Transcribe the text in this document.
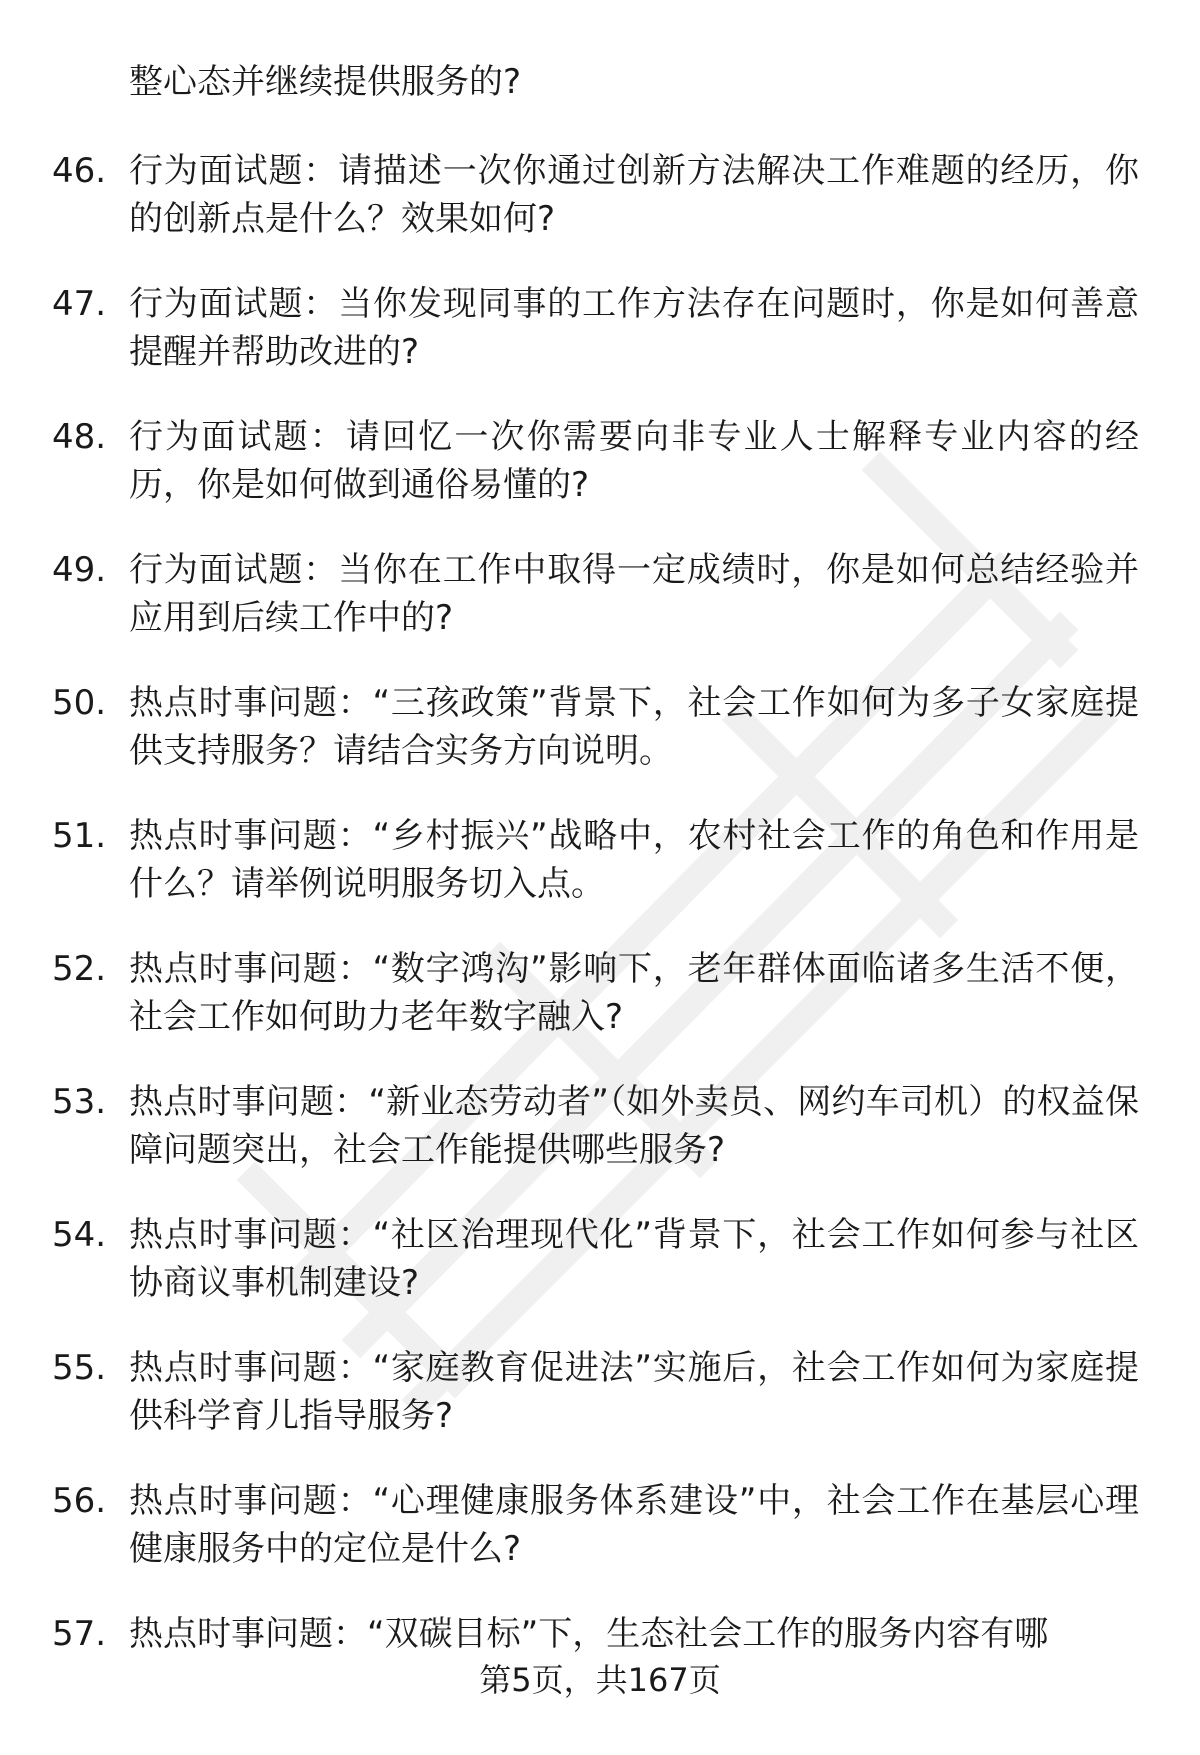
整心态并继续提供服务的?
46. 行为面试题：请描述一次你通过创新方法解决工作难题的经历，你的创新点是什么？效果如何?
47. 行为面试题：当你发现同事的工作方法存在问题时，你是如何善意提醒并帮助改进的?
48. 行为面试题：请回忆一次你需要向非专业人士解释专业内容的经历，你是如何做到通俗易懂的?
49. 行为面试题：当你在工作中取得一定成绩时，你是如何总结经验并应用到后续工作中的?
50. 热点时事问题：“三孩政策”背景下，社会工作如何为多子女家庭提供支持服务？请结合实务方向说明。
51. 热点时事问题：“乡村振兴”战略中，农村社会工作的角色和作用是什么？请举例说明服务切入点。
52. 热点时事问题：“数字鸿沟”影响下，老年群体面临诸多生活不便，社会工作如何助力老年数字融入?
53. 热点时事问题：“新业态劳动者”（如外卖员、网约车司机）的权益保障问题突出，社会工作能提供哪些服务?
54. 热点时事问题：“社区治理现代化”背景下，社会工作如何参与社区协商议事机制建设?
55. 热点时事问题：“家庭教育促进法”实施后，社会工作如何为家庭提供科学育儿指导服务?
56. 热点时事问题：“心理健康服务体系建设”中，社会工作在基层心理健康服务中的定位是什么?
57. 热点时事问题：“双碳目标”下，生态社会工作的服务内容有哪
第5页，共167页
